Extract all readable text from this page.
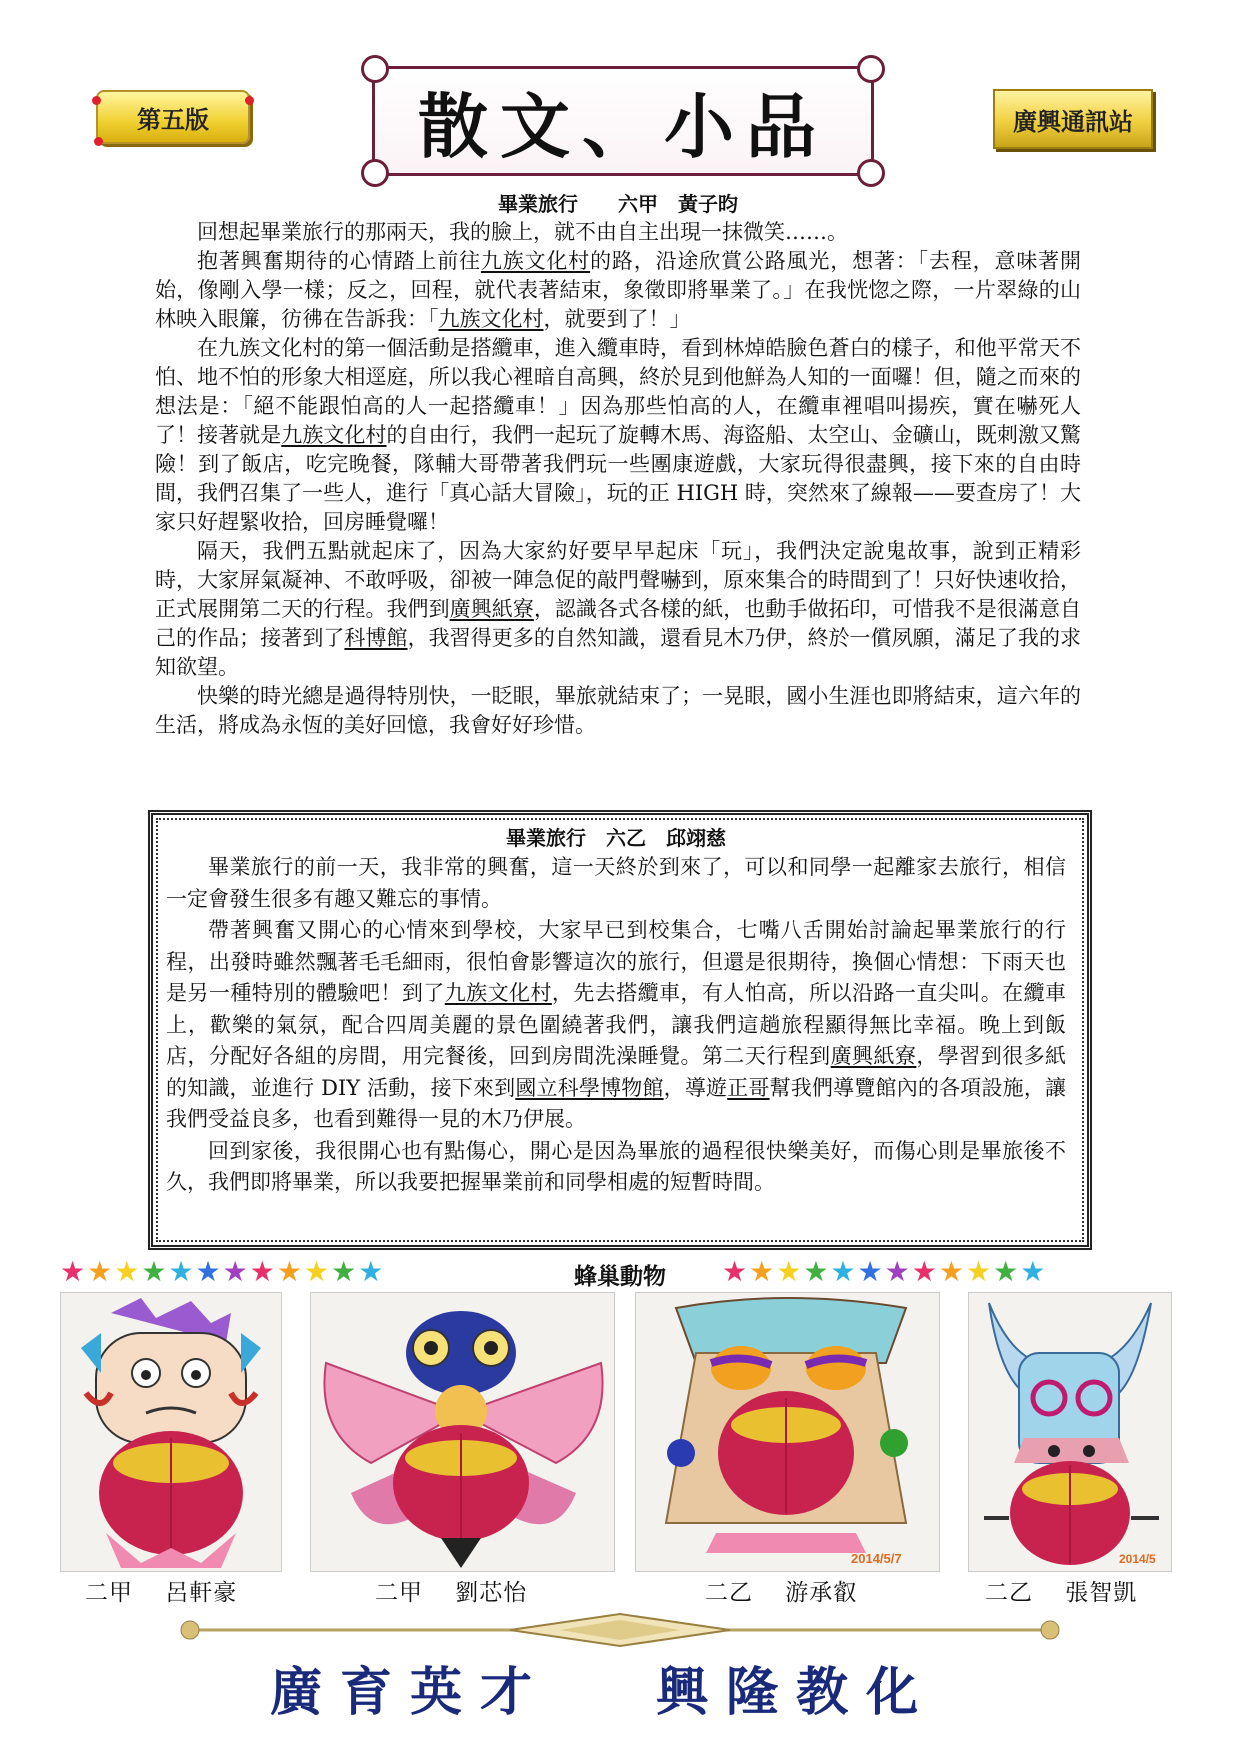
第五版	散文、小品	廣興通訊站
畢業旅行　　六甲　黃子昀

回想起畢業旅行的那兩天，我的臉上，就不由自主出現一抹微笑……。

抱著興奮期待的心情踏上前往九族文化村的路，沿途欣賞公路風光，想著：「去程，意味著開始，像剛入學一樣；反之，回程，就代表著結束，象徵即將畢業了。」在我恍惚之際，一片翠綠的山林映入眼簾，彷彿在告訴我：「九族文化村，就要到了！」

在九族文化村的第一個活動是搭纜車，進入纜車時，看到林焯皓臉色蒼白的樣子，和他平常天不怕、地不怕的形象大相逕庭，所以我心裡暗自高興，終於見到他鮮為人知的一面囉！但，隨之而來的想法是：「絕不能跟怕高的人一起搭纜車！」因為那些怕高的人，在纜車裡唱叫揚疾，實在嚇死人了！接著就是九族文化村的自由行，我們一起玩了旋轉木馬、海盜船、太空山、金礦山，既刺激又驚險！到了飯店，吃完晚餐，隊輔大哥帶著我們玩一些團康遊戲，大家玩得很盡興，接下來的自由時間，我們召集了一些人，進行「真心話大冒險」，玩的正 HIGH 時，突然來了線報——要查房了！大家只好趕緊收拾，回房睡覺囉！

隔天，我們五點就起床了，因為大家約好要早早起床「玩」，我們決定說鬼故事，說到正精彩時，大家屏氣凝神、不敢呼吸，卻被一陣急促的敲門聲嚇到，原來集合的時間到了！只好快速收拾，正式展開第二天的行程。我們到廣興紙寮，認識各式各樣的紙，也動手做拓印，可惜我不是很滿意自己的作品；接著到了科博館，我習得更多的自然知識，還看見木乃伊，終於一償夙願，滿足了我的求知欲望。

快樂的時光總是過得特別快，一眨眼，畢旅就結束了；一晃眼，國小生涯也即將結束，這六年的生活，將成為永恆的美好回憶，我會好好珍惜。

畢業旅行　六乙　邱翊慈

畢業旅行的前一天，我非常的興奮，這一天終於到來了，可以和同學一起離家去旅行，相信一定會發生很多有趣又難忘的事情。

帶著興奮又開心的心情來到學校，大家早已到校集合，七嘴八舌開始討論起畢業旅行的行程，出發時雖然飄著毛毛細雨，很怕會影響這次的旅行，但還是很期待，換個心情想：下雨天也是另一種特別的體驗吧！到了九族文化村，先去搭纜車，有人怕高，所以沿路一直尖叫。在纜車上，歡樂的氣氛，配合四周美麗的景色圍繞著我們，讓我們這趟旅程顯得無比幸福。晚上到飯店，分配好各組的房間，用完餐後，回到房間洗澡睡覺。第二天行程到廣興紙寮，學習到很多紙的知識，並進行 DIY 活動，接下來到國立科學博物館，導遊正哥幫我們導覽館內的各項設施，讓我們受益良多，也看到難得一見的木乃伊展。

回到家後，我很開心也有點傷心，開心是因為畢旅的過程很快樂美好，而傷心則是畢旅後不久，我們即將畢業，所以我要把握畢業前和同學相處的短暫時間。

★ ★ ★ ★ ★ ★ ★ ★ ★ ★ ★ ★	蜂巢動物	★ ★ ★ ★ ★ ★ ★ ★ ★ ★ ★ ★
2014/5/7	2014/5
二甲　 呂軒豪	二甲　 劉芯怡	二乙　 游承叡	二乙　 張智凱
廣育英才　 興隆教化
